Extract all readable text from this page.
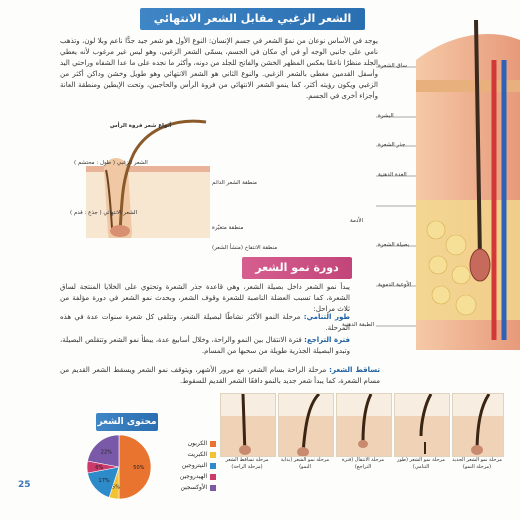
الشعر الزغبي مقابل الشعر الانتهائي
يوجد في الأساس نوعان من نموّ الشعر في جسم الإنسان: النوع الأول هو شعر جيد جدًّا ناعم وبلا لون، وتذهب نامي على جانبي الوجه أو في أي مكان في الجسم، يسمّى الشعر الزغبي، وهو ليس غير مرغوب لأنه يعطي الجلد منظرًا ناعمًا بعكس المظهر الخشن والفاتح للجلد من دونه، وأكثر ما نجده على ما عدا الشفاه وراحتي اليد وأسفل القدمين مغطى بالشعر الزغبي. والنوع الثاني هو الشعر الانتهائي وهو طويل وخشن وداكن أكثر من الزغبي ويكون رؤيته أكثر، كما ينمو الشعر الانتهائي من فروة الرأس والحاجبين، وتحت الإبطين ومنطقة العانة وأجزاء أخرى في الجسم.
ساق الشعرة
البشرة
جذر الشعرة
الغدة الدهنية
الأدمة
بصيلة الشعرة
الأوعية الدموية
الطبقة الدهنية
أنواع شعر فروة الرأس
الشعر الزغبي ( طول : محتشم )
الشعر الانتهائي ( جذع : قدم )
منطقة الشعر الدائم
منطقة متغيّرة
منطقة الانتفاخ (منشأ الشعر)
دورة نمو الشعر
يبدأ نمو الشعر داخل بصيلة الشعر، وهي قاعدة جذر الشعرة وتحتوي على الخلايا المنتجة لساق الشعرة، كما تسبب العضلة الناصبة للشعرة وقوف الشعر، وبحدث نمو الشعر في دورة مؤلفة من ثلاث مراحل:
طور التنامي: مرحلة النمو الأكثر نشاطًا لبصيلة الشعر، وتتلقى كل شعرة سنوات عدة في هذه المرحلة.
فترة التراجع: فترة الانتقال بين النمو والراحة، وخلال أسابيع عدة، يبطأ نمو الشعر وتتقلص البصيلة، وتبدو البصيلة الجذرية طويلة من سحبها من المسام.
تساقط الشعر: مرحلة الراحة بسام الشعر، مع مرور الأشهر، ويتوقف نمو الشعر ويسقط الشعر القديم من مسام الشعرة، كما يبدأ شعر جديد بالنمو دافعًا الشعر القديم للسقوط.
محتوى الشعر
50%
5%
17%
6%
22%
الكربون
الكبريت
النيتروجين
الهيدروجين
الأوكسجين
مرحلة تساقط الشعر (مرحلة الراحة)
مرحلة نمو الشعر (بداية النمو)
مرحلة الانتقال (فترة التراجع)
مرحلة نمو الشعر (طور التنامي)
مرحلة نمو الشعر الجديد (مرحلة النمو)
25
